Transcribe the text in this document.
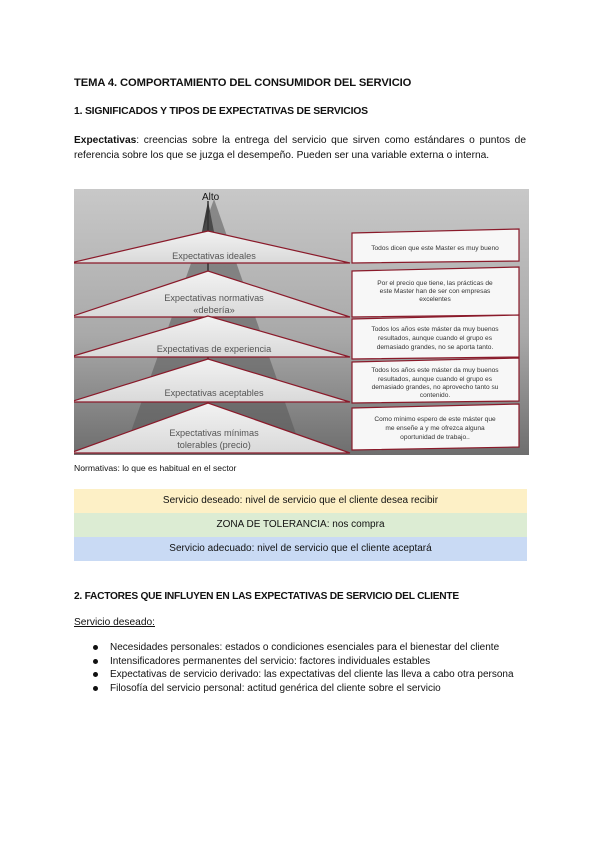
TEMA 4. COMPORTAMIENTO DEL CONSUMIDOR DEL SERVICIO
1. SIGNIFICADOS Y TIPOS DE EXPECTATIVAS DE SERVICIOS
Expectativas: creencias sobre la entrega del servicio que sirven como estándares o puntos de referencia sobre los que se juzga el desempeño. Pueden ser una variable externa o interna.
Alto
Expectativas ideales
Expectativas normativas
«debería»
Expectativas de experiencia
Expectativas aceptables
Expectativas mínimas
tolerables (precio)
Todos dicen que este Master es muy bueno
Por el precio que tiene, las prácticas de
este Master han de ser con empresas
excelentes
Todos los años este máster da muy buenos
resultados, aunque cuando el grupo es
demasiado grandes, no se aporta tanto.
Todos los años este máster da muy buenos
resultados, aunque cuando el grupo es
demasiado grandes, no aprovecho tanto su
contenido.
Como mínimo espero de este máster que
me enseñe a y me ofrezca alguna
oportunidad de trabajo..
Normativas: lo que es habitual en el sector
Servicio deseado: nivel de servicio que el cliente desea recibir
ZONA DE TOLERANCIA: nos compra
Servicio adecuado: nivel de servicio que el cliente aceptará
2. FACTORES QUE INFLUYEN EN LAS EXPECTATIVAS DE SERVICIO DEL CLIENTE
Servicio deseado:
Necesidades personales: estados o condiciones esenciales para el bienestar del cliente
Intensificadores permanentes del servicio: factores individuales estables
Expectativas de servicio derivado: las expectativas del cliente las lleva a cabo otra persona
Filosofía del servicio personal: actitud genérica del cliente sobre el servicio
